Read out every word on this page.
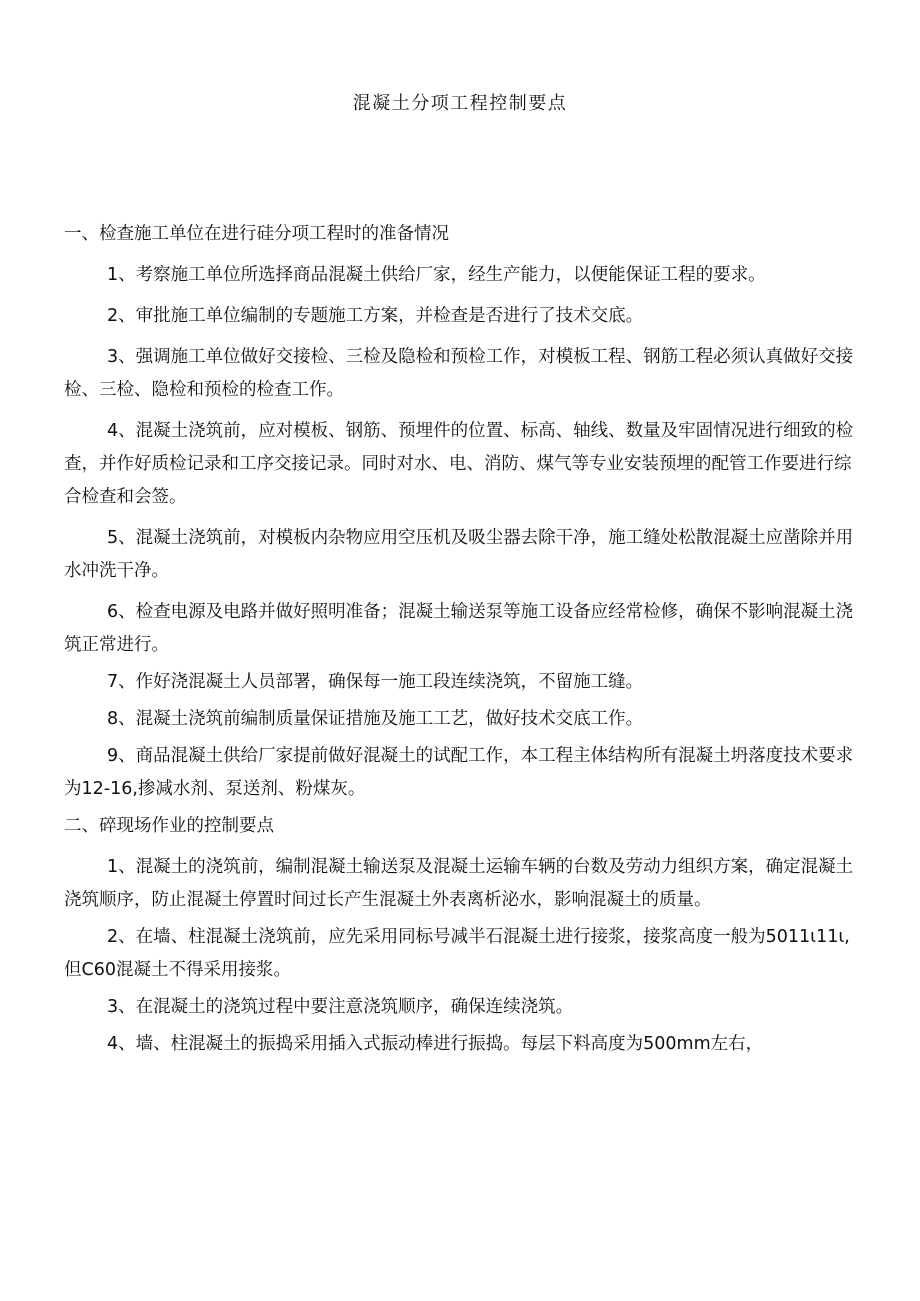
混凝土分项工程控制要点
一、检查施工单位在进行硅分项工程时的准备情况

1、考察施工单位所选择商品混凝土供给厂家，经生产能力，以便能保证工程的要求。

2、审批施工单位编制的专题施工方案，并检查是否进行了技术交底。

3、强调施工单位做好交接检、三检及隐检和预检工作，对模板工程、钢筋工程必须认真做好交接检、三检、隐检和预检的检查工作。

4、混凝土浇筑前，应对模板、钢筋、预埋件的位置、标高、轴线、数量及牢固情况进行细致的检查，并作好质检记录和工序交接记录。同时对水、电、消防、煤气等专业安装预埋的配管工作要进行综合检查和会签。

5、混凝土浇筑前，对模板内杂物应用空压机及吸尘器去除干净，施工缝处松散混凝土应凿除并用水冲洗干净。

6、检查电源及电路并做好照明准备；混凝土输送泵等施工设备应经常检修，确保不影响混凝土浇筑正常进行。

7、作好浇混凝土人员部署，确保每一施工段连续浇筑，不留施工缝。

8、混凝土浇筑前编制质量保证措施及施工工艺，做好技术交底工作。

9、商品混凝土供给厂家提前做好混凝土的试配工作，本工程主体结构所有混凝土坍落度技术要求为12-16,掺减水剂、泵送剂、粉煤灰。

二、碎现场作业的控制要点

1、混凝土的浇筑前，编制混凝土输送泵及混凝土运输车辆的台数及劳动力组织方案，确定混凝土浇筑顺序，防止混凝土停置时间过长产生混凝土外表离析泌水，影响混凝土的质量。

2、在墙、柱混凝土浇筑前，应先采用同标号减半石混凝土进行接浆，接浆高度一般为5011ι11ι,但C60混凝土不得采用接浆。

3、在混凝土的浇筑过程中要注意浇筑顺序，确保连续浇筑。

4、墙、柱混凝土的振捣采用插入式振动棒进行振捣。每层下料高度为500mm左右，
